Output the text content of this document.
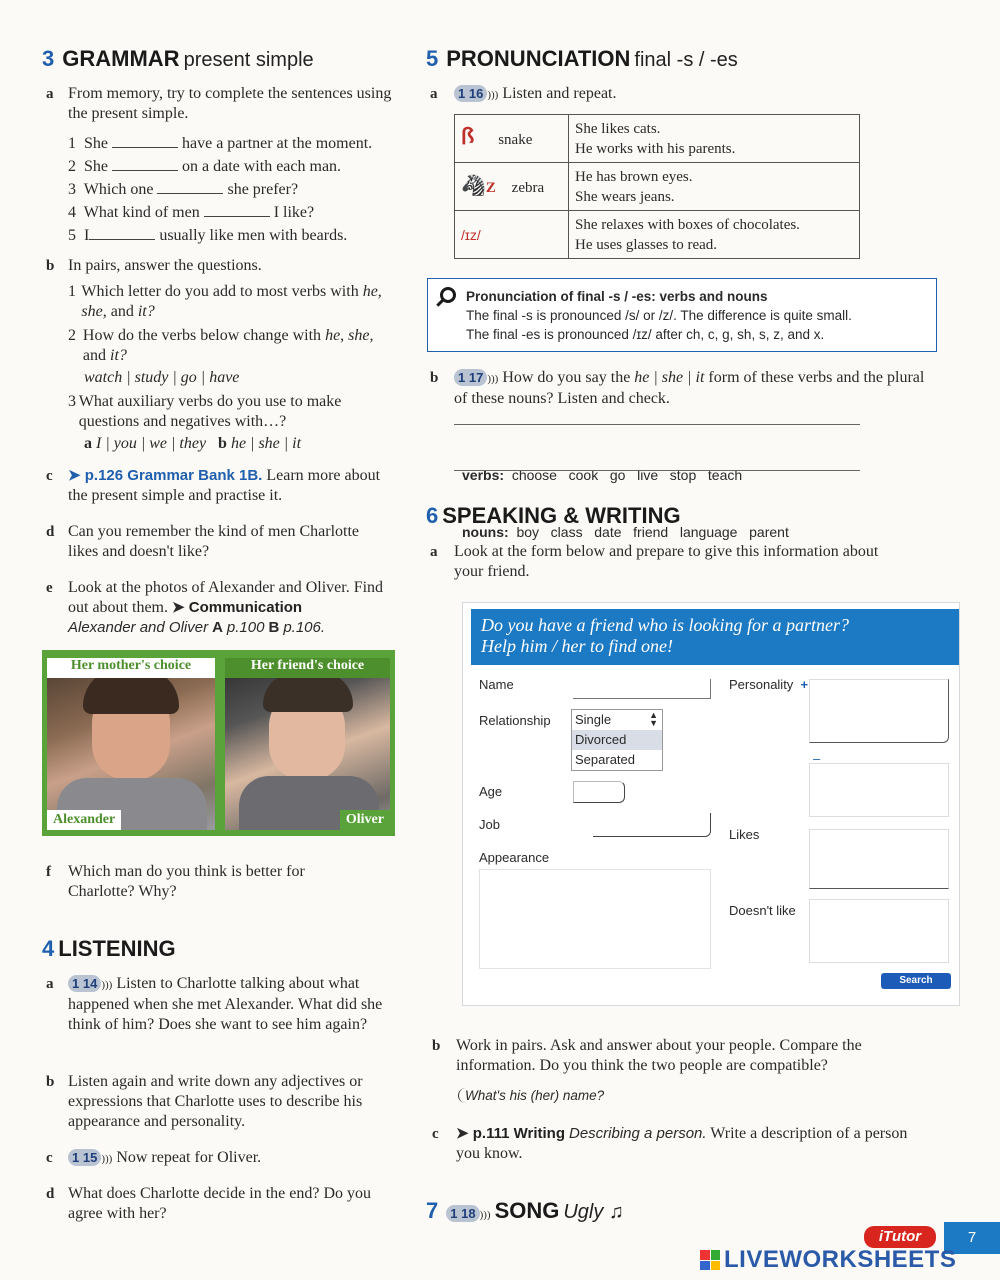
3 GRAMMAR present simple
a From memory, try to complete the sentences using the present simple.
1 She	have a partner at the moment.
2 She	on a date with each man.
3 Which one	she prefer?
4 What kind of men	I like?
5 I	usually like men with beards.
b In pairs, answer the questions.
1 Which letter do you add to most verbs with he, she, and it?
2 How do the verbs below change with he, she, and it?
watch | study | go | have
3 What auxiliary verbs do you use to make questions and negatives with…?
a I | you | we | they b he | she | it
c ➤ p.126 Grammar Bank 1B. Learn more about the present simple and practise it.
d Can you remember the kind of men Charlotte likes and doesn't like?
e Look at the photos of Alexander and Oliver. Find out about them. ➤ Communication
Alexander and Oliver A p.100 B p.106.
Her mother's choice
Alexander
Her friend's choice
Oliver
f Which man do you think is better for Charlotte? Why?
4 LISTENING
a	1 14 ))) Listen to Charlotte talking about what happened when she met Alexander. What did she think of him? Does she want to see him again?
b Listen again and write down any adjectives or expressions that Charlotte uses to describe his appearance and personality.
c	1 15 ))) Now repeat for Oliver.
d What does Charlotte decide in the end? Do you agree with her?
5 PRONUNCIATION final -s / -es
a	1 16 ))) Listen and repeat.
ꟗ snake	She likes cats.
He works with his parents.

🦓Z zebra	He has brown eyes.
She wears jeans.

/ɪz/	She relaxes with boxes of chocolates.
He uses glasses to read.
Pronunciation of final -s / -es: verbs and nouns
The final -s is pronounced /s/ or /z/. The difference is quite small.
The final -es is pronounced /ɪz/ after ch, c, g, sh, s, z, and x.
b	1 17 ))) How do you say the he | she | it form of these verbs and the plural of these nouns? Listen and check.

verbs: choose   cook   go   live   stop   teach

nouns: boy   class   date   friend   language   parent

6 SPEAKING & WRITING
a Look at the form below and prepare to give this information about your friend.
Do you have a friend who is looking for a partner?
Help him / her to find one!
Name
Relationship Single
Divorced
Separated
▲
▼
Age
Job
Appearance
Personality +
–
Likes
Doesn't like
Search
b Work in pairs. Ask and answer about your people. Compare the information. Do you think the two people are compatible?
What's his (her) name?
c ➤ p.111 Writing Describing a person. Write a description of a person you know.
7 1 18 ))) SONG Ugly ♫
iTutor	7
LIVEWORKSHEETS
